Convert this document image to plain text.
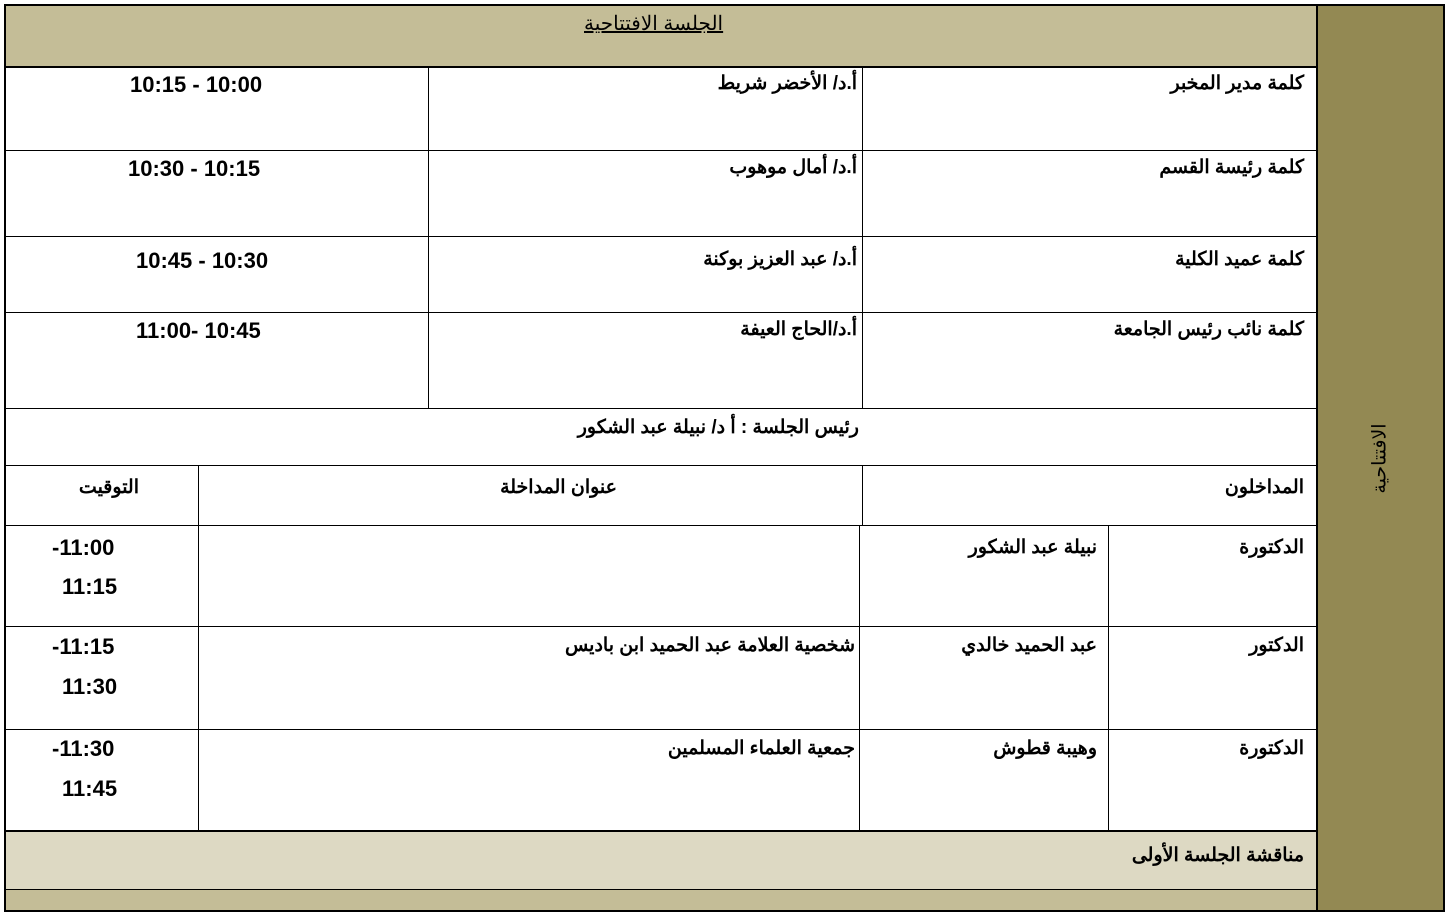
الجلسة الافتتاحية
الافتتاحية
كلمة مدير المخبر
أ.د/ الأخضر شريط
10:15 - 10:00
كلمة رئيسة القسم
أ.د/ أمال موهوب
10:30 - 10:15
كلمة عميد الكلية
أ.د/ عبد العزيز بوكنة
10:45 - 10:30
كلمة نائب رئيس الجامعة
أ.د/الحاج العيفة
11:00- 10:45
رئيس الجلسة : أ د/ نبيلة عبد الشكور
المداخلون
عنوان المداخلة
التوقيت
الدكتورة
نبيلة عبد الشكور
-11:00
11:15
الدكتور
عبد الحميد خالدي
شخصية العلامة عبد الحميد ابن باديس
-11:15
11:30
الدكتورة
وهيبة قطوش
جمعية العلماء المسلمين
-11:30
11:45
مناقشة الجلسة الأولى
